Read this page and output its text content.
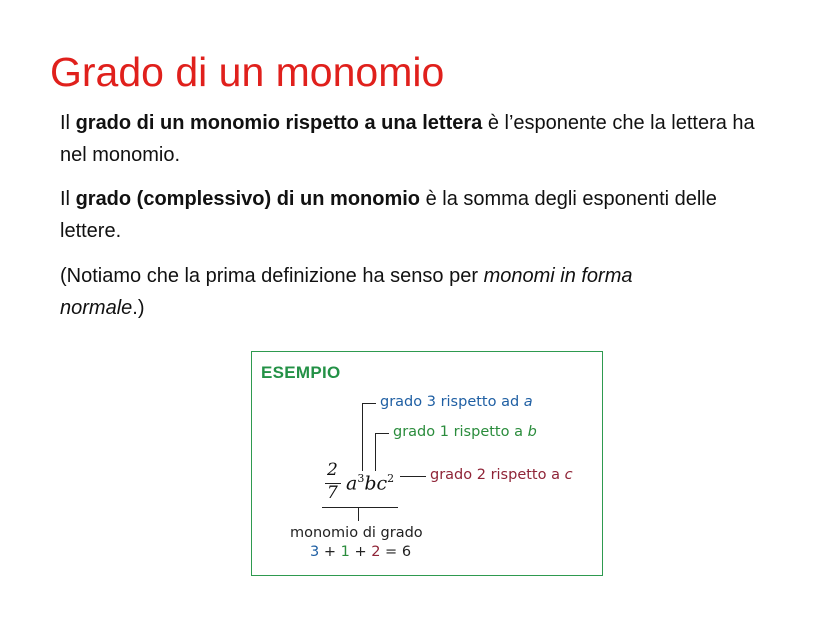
Grado di un monomio

Il grado di un monomio rispetto a una lettera è l’esponente che la lettera ha nel monomio.

Il grado (complessivo) di un monomio è la somma degli esponenti delle lettere.

(Notiamo che la prima definizione ha senso per monomi in forma
normale.)

ESEMPIO
grado 3 rispetto ad a
grado 1 rispetto a b
grado 2 rispetto a c
2
7 $a^3bc^2$
monomio di grado
3 + 1 + 2 = 6
